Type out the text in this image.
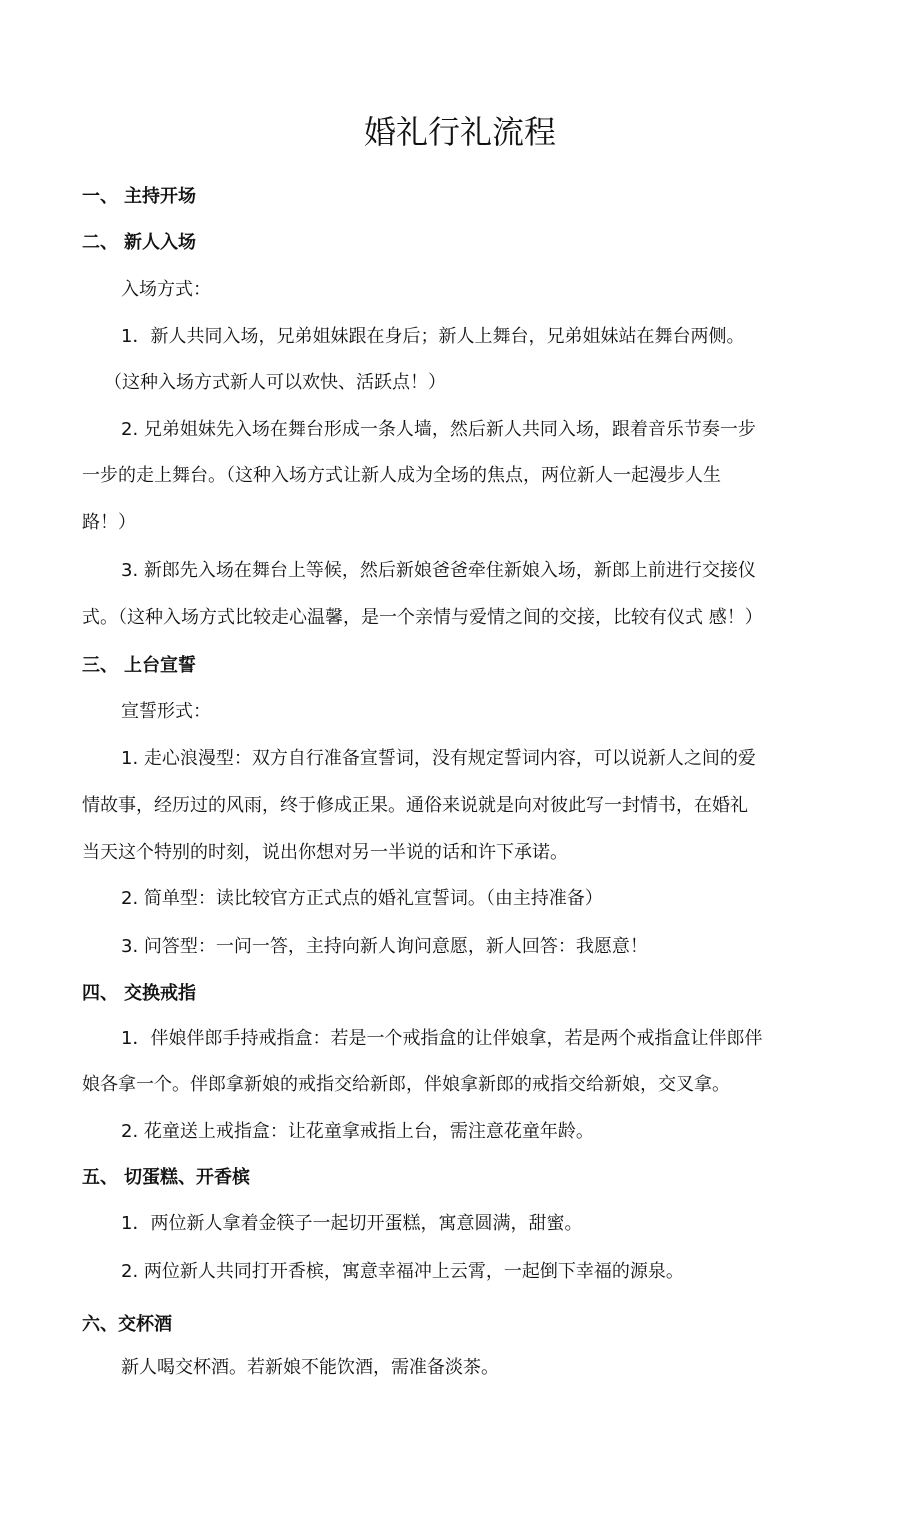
婚礼行礼流程
一、 主持开场
二、 新人入场
入场方式：
1．新人共同入场，兄弟姐妹跟在身后；新人上舞台，兄弟姐妹站在舞台两侧。
（这种入场方式新人可以欢快、活跃点！）
2. 兄弟姐妹先入场在舞台形成一条人墙，然后新人共同入场，跟着音乐节奏一步
一步的走上舞台。（这种入场方式让新人成为全场的焦点，两位新人一起漫步人生
路！）
3. 新郎先入场在舞台上等候，然后新娘爸爸牵住新娘入场，新郎上前进行交接仪
式。（这种入场方式比较走心温馨，是一个亲情与爱情之间的交接，比较有仪式 感！）
三、 上台宣誓
宣誓形式：
1. 走心浪漫型：双方自行准备宣誓词，没有规定誓词内容，可以说新人之间的爱
情故事，经历过的风雨，终于修成正果。通俗来说就是向对彼此写一封情书，在婚礼
当天这个特别的时刻，说出你想对另一半说的话和许下承诺。
2. 简单型：读比较官方正式点的婚礼宣誓词。（由主持准备）
3. 问答型：一问一答，主持向新人询问意愿，新人回答：我愿意！
四、 交换戒指
1．伴娘伴郎手持戒指盒：若是一个戒指盒的让伴娘拿，若是两个戒指盒让伴郎伴
娘各拿一个。伴郎拿新娘的戒指交给新郎，伴娘拿新郎的戒指交给新娘，交叉拿。
2. 花童送上戒指盒：让花童拿戒指上台，需注意花童年龄。
五、 切蛋糕、开香槟
1．两位新人拿着金筷子一起切开蛋糕，寓意圆满，甜蜜。
2. 两位新人共同打开香槟，寓意幸福冲上云霄，一起倒下幸福的源泉。
六、交杯酒
新人喝交杯酒。若新娘不能饮酒，需准备淡茶。
